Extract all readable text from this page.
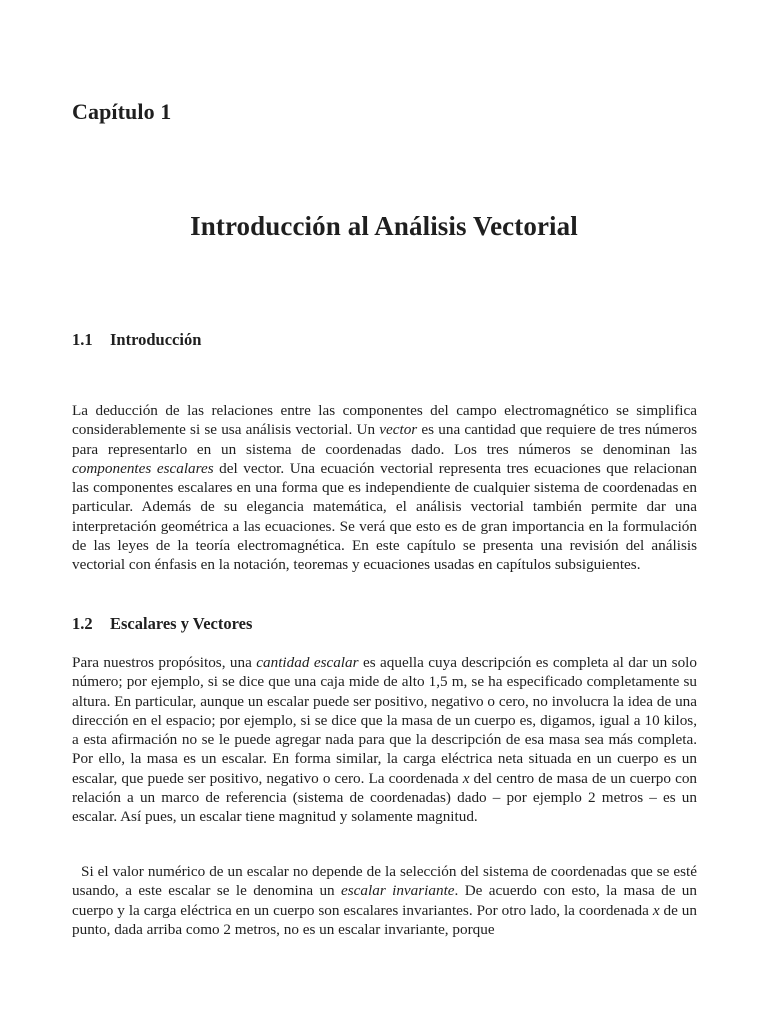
Capítulo 1
Introducción al Análisis Vectorial
1.1 Introducción

La deducción de las relaciones entre las componentes del campo electromagnético se simplifica considerablemente si se usa análisis vectorial. Un vector es una cantidad que requiere de tres números para representarlo en un sistema de coordenadas dado. Los tres números se denominan las componentes escalares del vector. Una ecuación vectorial representa tres ecuaciones que relacionan las componentes escalares en una forma que es independiente de cualquier sistema de coordenadas en particular. Además de su elegancia matemática, el análisis vectorial también permite dar una interpretación geométrica a las ecuaciones. Se verá que esto es de gran importancia en la formulación de las leyes de la teoría electromagnética. En este capítulo se presenta una revisión del análisis vectorial con énfasis en la notación, teoremas y ecuaciones usadas en capítulos subsiguientes.

1.2 Escalares y Vectores

Para nuestros propósitos, una cantidad escalar es aquella cuya descripción es completa al dar un solo número; por ejemplo, si se dice que una caja mide de alto 1,5 m, se ha especificado completamente su altura. En particular, aunque un escalar puede ser positivo, negativo o cero, no involucra la idea de una dirección en el espacio; por ejemplo, si se dice que la masa de un cuerpo es, digamos, igual a 10 kilos, a esta afirmación no se le puede agregar nada para que la descripción de esa masa sea más completa. Por ello, la masa es un escalar. En forma similar, la carga eléctrica neta situada en un cuerpo es un escalar, que puede ser positivo, negativo o cero. La coordenada x del centro de masa de un cuerpo con relación a un marco de referencia (sistema de coordenadas) dado – por ejemplo 2 metros – es un escalar. Así pues, un escalar tiene magnitud y solamente magnitud.

Si el valor numérico de un escalar no depende de la selección del sistema de coordenadas que se esté usando, a este escalar se le denomina un escalar invariante. De acuerdo con esto, la masa de un cuerpo y la carga eléctrica en un cuerpo son escalares invariantes. Por otro lado, la coordenada x de un punto, dada arriba como 2 metros, no es un escalar invariante, porque
